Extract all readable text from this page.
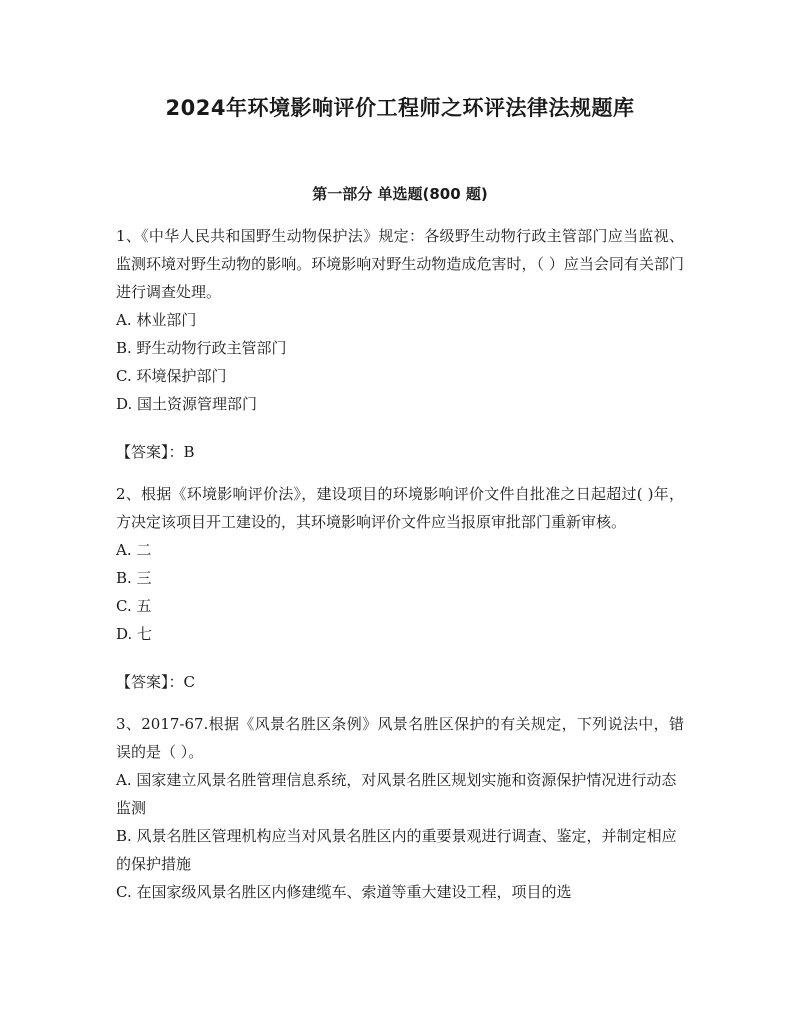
2024年环境影响评价工程师之环评法律法规题库
第一部分 单选题(800 题)

1、《中华人民共和国野生动物保护法》规定：各级野生动物行政主管部门应当监视、监测环境对野生动物的影响。环境影响对野生动物造成危害时，（ ）应当会同有关部门进行调查处理。

A. 林业部门

B. 野生动物行政主管部门

C. 环境保护部门

D. 国土资源管理部门

【答案】：B

2、根据《环境影响评价法》，建设项目的环境影响评价文件自批准之日起超过( )年，方决定该项目开工建设的，其环境影响评价文件应当报原审批部门重新审核。

A. 二

B. 三

C. 五

D. 七

【答案】：C

3、2017-67.根据《风景名胜区条例》风景名胜区保护的有关规定，下列说法中，错误的是（ ）。

A. 国家建立风景名胜管理信息系统，对风景名胜区规划实施和资源保护情况进行动态监测

B. 风景名胜区管理机构应当对风景名胜区内的重要景观进行调查、鉴定，并制定相应的保护措施

C. 在国家级风景名胜区内修建缆车、索道等重大建设工程，项目的选
